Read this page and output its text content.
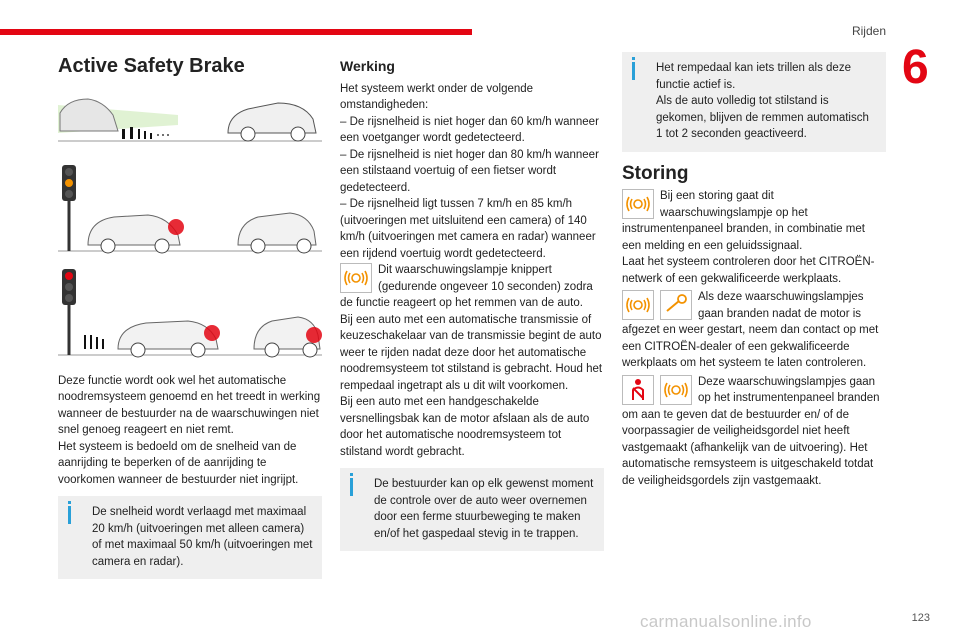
Rijden
6
Active Safety Brake

Deze functie wordt ook wel het automatische noodremsysteem genoemd en het treedt in werking wanneer de bestuurder na de waarschuwingen niet snel genoeg reageert en niet remt.
Het systeem is bedoeld om de snelheid van de aanrijding te beperken of de aanrijding te voorkomen wanneer de bestuurder niet ingrijpt.

De snelheid wordt verlaagd met maximaal 20 km/h (uitvoeringen met alleen camera) of met maximaal 50 km/h (uitvoeringen met camera en radar).
Werking

Het systeem werkt onder de volgende omstandigheden:
– De rijsnelheid is niet hoger dan 60 km/h wanneer een voetganger wordt gedetecteerd.
– De rijsnelheid is niet hoger dan 80 km/h wanneer een stilstaand voertuig of een fietser wordt gedetecteerd.
– De rijsnelheid ligt tussen 7 km/h en 85 km/h (uitvoeringen met uitsluitend een camera) of 140 km/h (uitvoeringen met camera en radar) wanneer een rijdend voertuig wordt gedetecteerd.

Dit waarschuwingslampje knippert (gedurende ongeveer 10 seconden) zodra de functie reageert op het remmen van de auto.

Bij een auto met een automatische transmissie of keuzeschakelaar van de transmissie begint de auto weer te rijden nadat deze door het automatische noodremsysteem tot stilstand is gebracht. Houd het rempedaal ingetrapt als u dit wilt voorkomen.
Bij een auto met een handgeschakelde versnellingsbak kan de motor afslaan als de auto door het automatische noodremsysteem tot stilstand wordt gebracht.

De bestuurder kan op elk gewenst moment de controle over de auto weer overnemen door een ferme stuurbeweging te maken en/of het gaspedaal stevig in te trappen.
Het rempedaal kan iets trillen als deze functie actief is.
Als de auto volledig tot stilstand is gekomen, blijven de remmen automatisch 1 tot 2 seconden geactiveerd.
Storing
Bij een storing gaat dit waarschuwingslampje op het instrumentenpaneel branden, in combinatie met een melding en een geluidssignaal.
Laat het systeem controleren door het CITROËN-netwerk of een gekwalificeerde werkplaats.
Als deze waarschuwingslampjes gaan branden nadat de motor is afgezet en weer gestart, neem dan contact op met een CITROËN-dealer of een gekwalificeerde werkplaats om het systeem te laten controleren.
Deze waarschuwingslampjes gaan op het instrumentenpaneel branden om aan te geven dat de bestuurder en/ of de voorpassagier de veiligheidsgordel niet heeft vastgemaakt (afhankelijk van de uitvoering). Het automatische remsysteem is uitgeschakeld totdat de veiligheidsgordels zijn vastgemaakt.
carmanualsonline.info	123
